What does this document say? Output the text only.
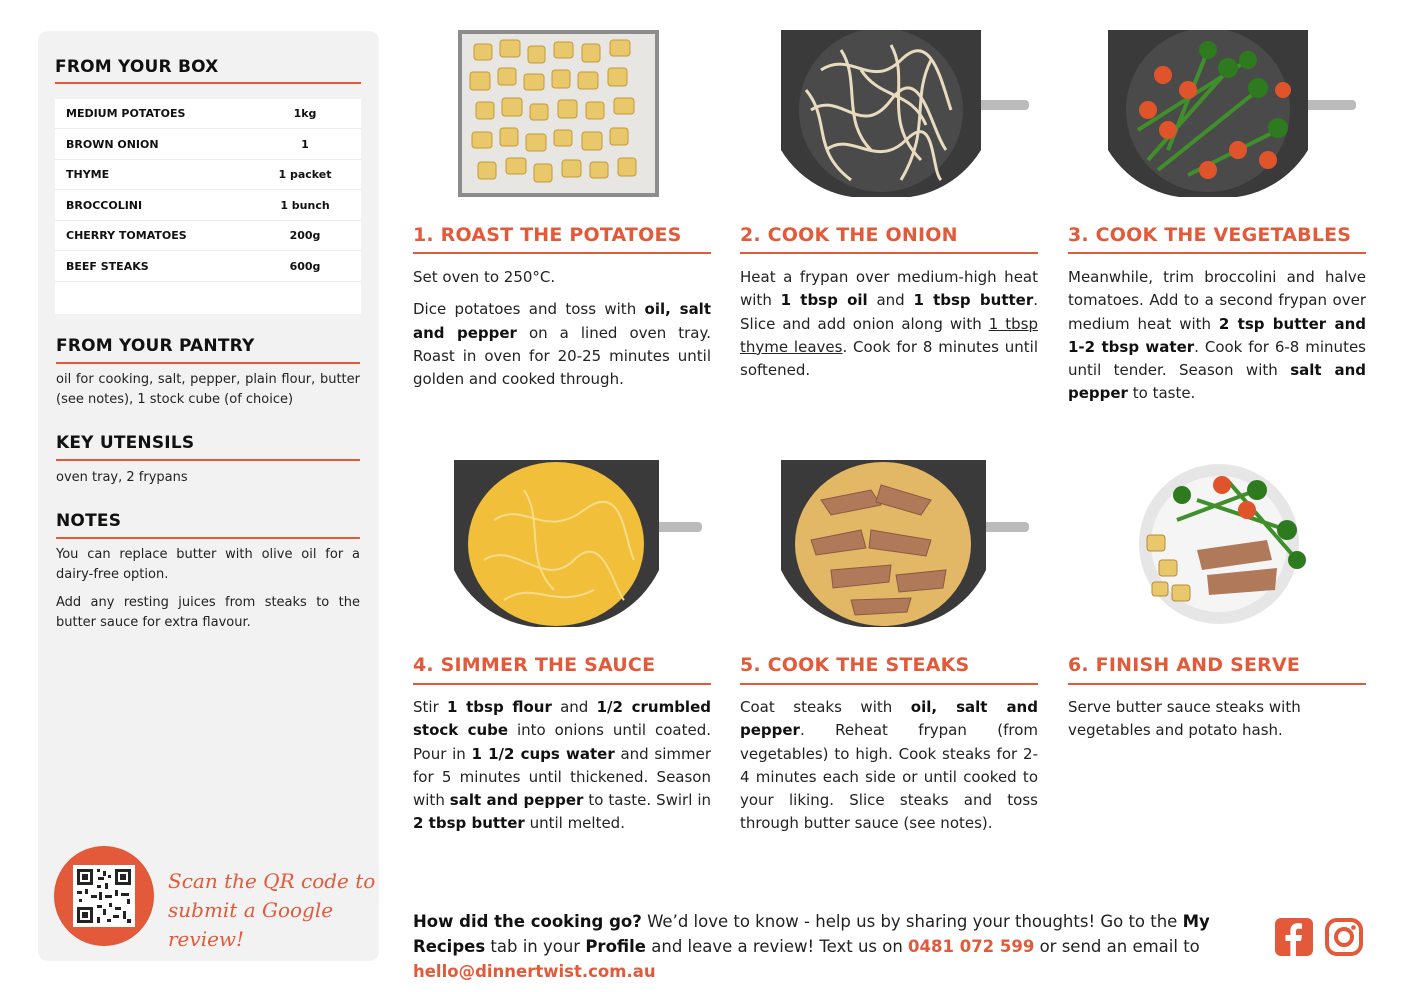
FROM YOUR BOX
MEDIUM POTATOES	1kg
BROWN ONION	1
THYME	1 packet
BROCCOLINI	1 bunch
CHERRY TOMATOES	200g
BEEF STEAKS	600g
FROM YOUR PANTRY
oil for cooking, salt, pepper, plain flour, butter (see notes), 1 stock cube (of choice)
KEY UTENSILS
oven tray, 2 frypans
NOTES
You can replace butter with olive oil for a dairy-free option.
Add any resting juices from steaks to the butter sauce for extra flavour.
Scan the QR code to
submit a Google review!
1. ROAST THE POTATOES	2. COOK THE ONION	3. COOK THE VEGETABLES
4. SIMMER THE SAUCE	5. COOK THE STEAKS	6. FINISH AND SERVE

Set oven to 250°C.

Dice potatoes and toss with oil, salt and pepper on a lined oven tray. Roast in oven for 20-25 minutes until golden and cooked through.

Heat a frypan over medium-high heat with 1 tbsp oil and 1 tbsp butter. Slice and add onion along with 1 tbsp thyme leaves. Cook for 8 minutes until softened.

Meanwhile, trim broccolini and halve tomatoes. Add to a second frypan over medium heat with 2 tsp butter and 1-2 tbsp water. Cook for 6-8 minutes until tender. Season with salt and pepper to taste.

Stir 1 tbsp flour and 1/2 crumbled stock cube into onions until coated. Pour in 1 1/2 cups water and simmer for 5 minutes until thickened. Season with salt and pepper to taste. Swirl in 2 tbsp butter until melted.

Coat steaks with oil, salt and pepper. Reheat frypan (from vegetables) to high. Cook steaks for 2-4 minutes each side or until cooked to your liking. Slice steaks and toss through butter sauce (see notes).

Serve butter sauce steaks with vegetables and potato hash.

How did the cooking go? We’d love to know - help us by sharing your thoughts! Go to the My Recipes tab in your Profile and leave a review! Text us on 0481 072 599 or send an email to hello@dinnertwist.com.au
